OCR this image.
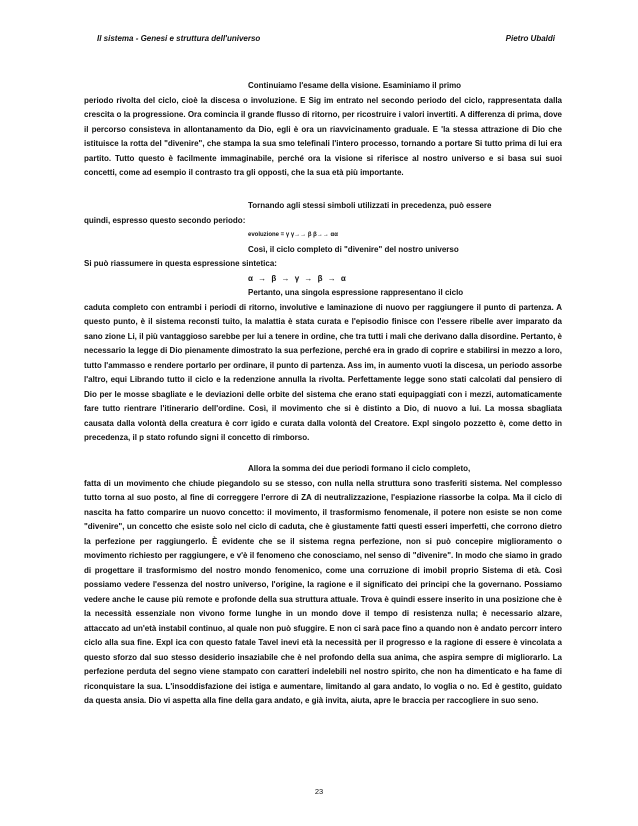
Il sistema - Genesi e struttura dell'universo	Pietro Ubaldi
Continuiamo l'esame della visione. Esaminiamo il primo

periodo rivolta del ciclo, cioè la discesa o involuzione. E Sig im entrato nel secondo periodo del ciclo, rappresentata dalla crescita o la progressione. Ora comincia il grande flusso di ritorno, per ricostruire i valori invertiti. A differenza di prima, dove il percorso consisteva in allontanamento da Dio, egli è ora un riavvicinamento graduale. E 'la stessa attrazione di Dio che istituisce la rotta del "divenire", che stampa la sua smo telefinali l'intero processo, tornando a portare Si tutto prima di lui era partito. Tutto questo è facilmente immaginabile, perché ora la visione si riferisce al nostro universo e si basa sui suoi concetti, come ad esempio il contrasto tra gli opposti, che la sua età più importante.

Tornando agli stessi simboli utilizzati in precedenza, può essere

quindi, espresso questo secondo periodo:

evoluzione = γ γ→→ β β→→ αα
Così, il ciclo completo di "divenire" del nostro universo

Si può riassumere in questa espressione sintetica:

α → β → γ → β → α
Pertanto, una singola espressione rappresentano il ciclo

caduta completo con entrambi i periodi di ritorno, involutive e laminazione di nuovo per raggiungere il punto di partenza. A questo punto, è il sistema reconsti tuito, la malattia è stata curata e l'episodio finisce con l'essere ribelle aver imparato da sano zione Li, il più vantaggioso sarebbe per lui a tenere in ordine, che tra tutti i mali che derivano dalla disordine. Pertanto, è necessario la legge di Dio pienamente dimostrato la sua perfezione, perché era in grado di coprire e stabilirsi in mezzo a loro, tutto l'ammasso e rendere portarlo per ordinare, il punto di partenza. Ass im, in aumento vuoti la discesa, un periodo assorbe l'altro, equi Librando tutto il ciclo e la redenzione annulla la rivolta. Perfettamente legge sono stati calcolati dal pensiero di Dio per le mosse sbagliate e le deviazioni delle orbite del sistema che erano stati equipaggiati con i mezzi, automaticamente fare tutto rientrare l'itinerario dell'ordine. Così, il movimento che si è distinto a Dio, di nuovo a lui. La mossa sbagliata causata dalla volontà della creatura è corr igido e curata dalla volontà del Creatore. Expl singolo pozzetto è, come detto in precedenza, il p stato rofundo signi il concetto di rimborso.

Allora la somma dei due periodi formano il ciclo completo,

fatta di un movimento che chiude piegandolo su se stesso, con nulla nella struttura sono trasferiti sistema. Nel complesso tutto torna al suo posto, al fine di correggere l'errore di ZA di neutralizzazione, l'espiazione riassorbe la colpa. Ma il ciclo di nascita ha fatto comparire un nuovo concetto: il movimento, il trasformismo fenomenale, il potere non esiste se non come "divenire", un concetto che esiste solo nel ciclo di caduta, che è giustamente fatti questi esseri imperfetti, che corrono dietro la perfezione per raggiungerlo. È evidente che se il sistema regna perfezione, non si può concepire miglioramento o movimento richiesto per raggiungere, e v'è il fenomeno che conosciamo, nel senso di "divenire". In modo che siamo in grado di progettare il trasformismo del nostro mondo fenomenico, come una corruzione di imobil proprio Sistema di età. Così possiamo vedere l'essenza del nostro universo, l'origine, la ragione e il significato dei principi che la governano. Possiamo vedere anche le cause più remote e profonde della sua struttura attuale. Trova è quindi essere inserito in una posizione che è la necessità essenziale non vivono forme lunghe in un mondo dove il tempo di resistenza nulla; è necessario alzare, attaccato ad un'età instabil continuo, al quale non può sfuggire. E non ci sarà pace fino a quando non è andato percorr intero ciclo alla sua fine. Expl ica con questo fatale Tavel inevi età la necessità per il progresso e la ragione di essere è vincolata a questo sforzo dal suo stesso desiderio insaziabile che è nel profondo della sua anima, che aspira sempre di migliorarlo. La perfezione perduta del segno viene stampato con caratteri indelebili nel nostro spirito, che non ha dimenticato e ha fame di riconquistare la sua. L'insoddisfazione dei istiga e aumentare, limitando al gara andato, lo voglia o no. Ed è gestito, guidato da questa ansia. Dio vi aspetta alla fine della gara andato, e già invita, aiuta, apre le braccia per raccogliere in suo seno.

23
